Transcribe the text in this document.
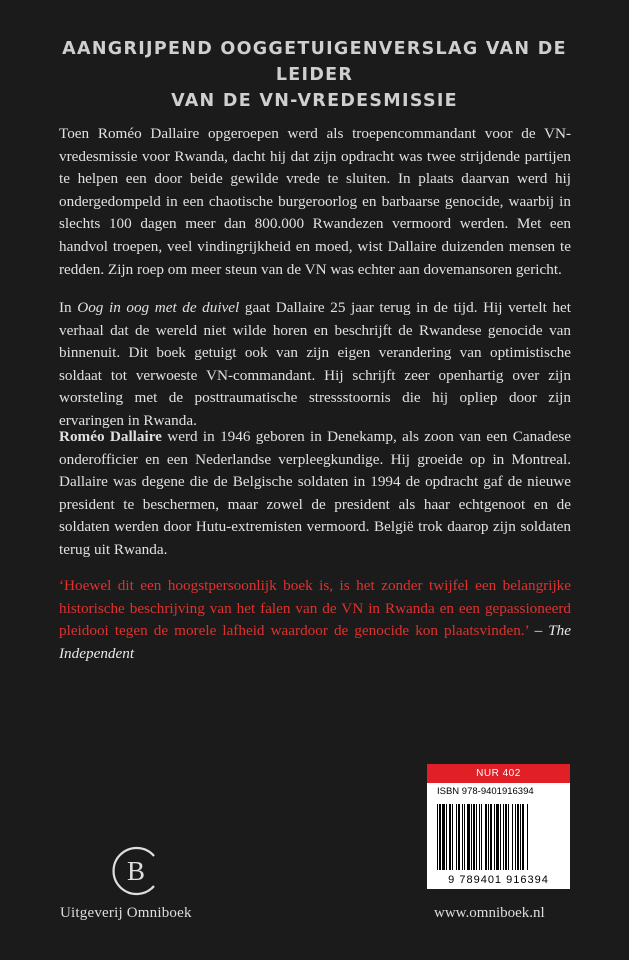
AANGRIJPEND OOGGETUIGENVERSLAG VAN DE LEIDER
VAN DE VN-VREDESMISSIE

Toen Roméo Dallaire opgeroepen werd als troepencommandant voor de VN-vredesmissie voor Rwanda, dacht hij dat zijn opdracht was twee strijdende partijen te helpen een door beide gewilde vrede te sluiten. In plaats daarvan werd hij ondergedompeld in een chaotische burgeroorlog en barbaarse genocide, waarbij in slechts 100 dagen meer dan 800.000 Rwandezen vermoord werden. Met een handvol troepen, veel vindingrijkheid en moed, wist Dallaire duizenden mensen te redden. Zijn roep om meer steun van de VN was echter aan dovemansoren gericht.

In Oog in oog met de duivel gaat Dallaire 25 jaar terug in de tijd. Hij vertelt het verhaal dat de wereld niet wilde horen en beschrijft de Rwandese genocide van binnenuit. Dit boek getuigt ook van zijn eigen verandering van optimistische soldaat tot verwoeste VN-commandant. Hij schrijft zeer openhartig over zijn worsteling met de posttraumatische stressstoornis die hij opliep door zijn ervaringen in Rwanda.

Roméo Dallaire werd in 1946 geboren in Denekamp, als zoon van een Canadese onderofficier en een Nederlandse verpleegkundige. Hij groeide op in Montreal. Dallaire was degene die de Belgische soldaten in 1994 de opdracht gaf de nieuwe president te beschermen, maar zowel de president als haar echtgenoot en de soldaten werden door Hutu-extremisten vermoord. België trok daarop zijn soldaten terug uit Rwanda.

‘Hoewel dit een hoogstpersoonlijk boek is, is het zonder twijfel een belangrijke historische beschrijving van het falen van de VN in Rwanda en een gepassioneerd pleidooi tegen de morele lafheid waardoor de genocide kon plaatsvinden.’ – The Independent

B
Uitgeverij Omniboek
NUR 402
ISBN 978-9401916394
9 789401 916394
www.omniboek.nl
